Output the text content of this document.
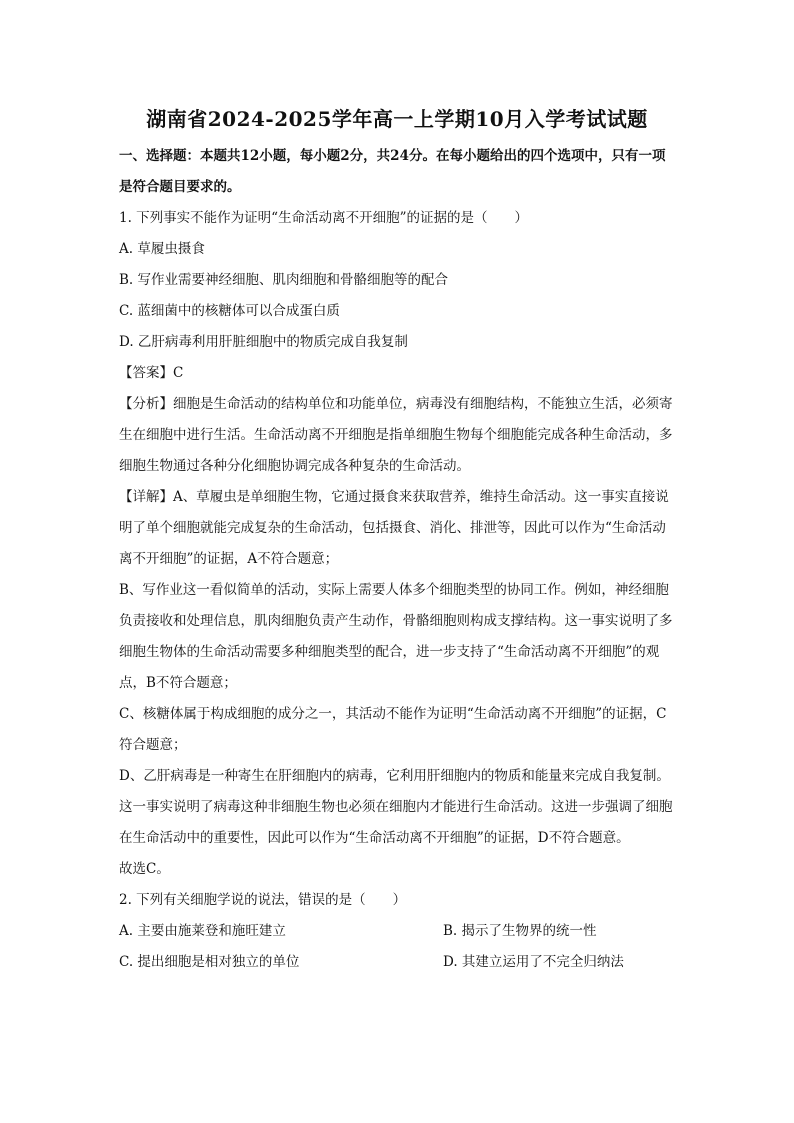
湖南省2024-2025学年高一上学期10月入学考试试题

一、选择题：本题共12小题，每小题2分，共24分。在每小题给出的四个选项中，只有一项是符合题目要求的。

1. 下列事实不能作为证明“生命活动离不开细胞”的证据的是（　　）

A. 草履虫摄食

B. 写作业需要神经细胞、肌肉细胞和骨骼细胞等的配合

C. 蓝细菌中的核糖体可以合成蛋白质

D. 乙肝病毒利用肝脏细胞中的物质完成自我复制

【答案】C

【分析】细胞是生命活动的结构单位和功能单位，病毒没有细胞结构，不能独立生活，必须寄生在细胞中进行生活。生命活动离不开细胞是指单细胞生物每个细胞能完成各种生命活动，多细胞生物通过各种分化细胞协调完成各种复杂的生命活动。

【详解】A、草履虫是单细胞生物，它通过摄食来获取营养，维持生命活动。这一事实直接说明了单个细胞就能完成复杂的生命活动，包括摄食、消化、排泄等，因此可以作为“生命活动离不开细胞”的证据，A不符合题意；

B、写作业这一看似简单的活动，实际上需要人体多个细胞类型的协同工作。例如，神经细胞负责接收和处理信息，肌肉细胞负责产生动作，骨骼细胞则构成支撑结构。这一事实说明了多细胞生物体的生命活动需要多种细胞类型的配合，进一步支持了“生命活动离不开细胞”的观点，B不符合题意；

C、核糖体属于构成细胞的成分之一，其活动不能作为证明“生命活动离不开细胞”的证据，C符合题意；

D、乙肝病毒是一种寄生在肝细胞内的病毒，它利用肝细胞内的物质和能量来完成自我复制。这一事实说明了病毒这种非细胞生物也必须在细胞内才能进行生命活动。这进一步强调了细胞在生命活动中的重要性，因此可以作为“生命活动离不开细胞”的证据，D不符合题意。

故选C。

2. 下列有关细胞学说的说法，错误的是（　　）

A. 主要由施莱登和施旺建立	B. 揭示了生物界的统一性
C. 提出细胞是相对独立的单位	D. 其建立运用了不完全归纳法
